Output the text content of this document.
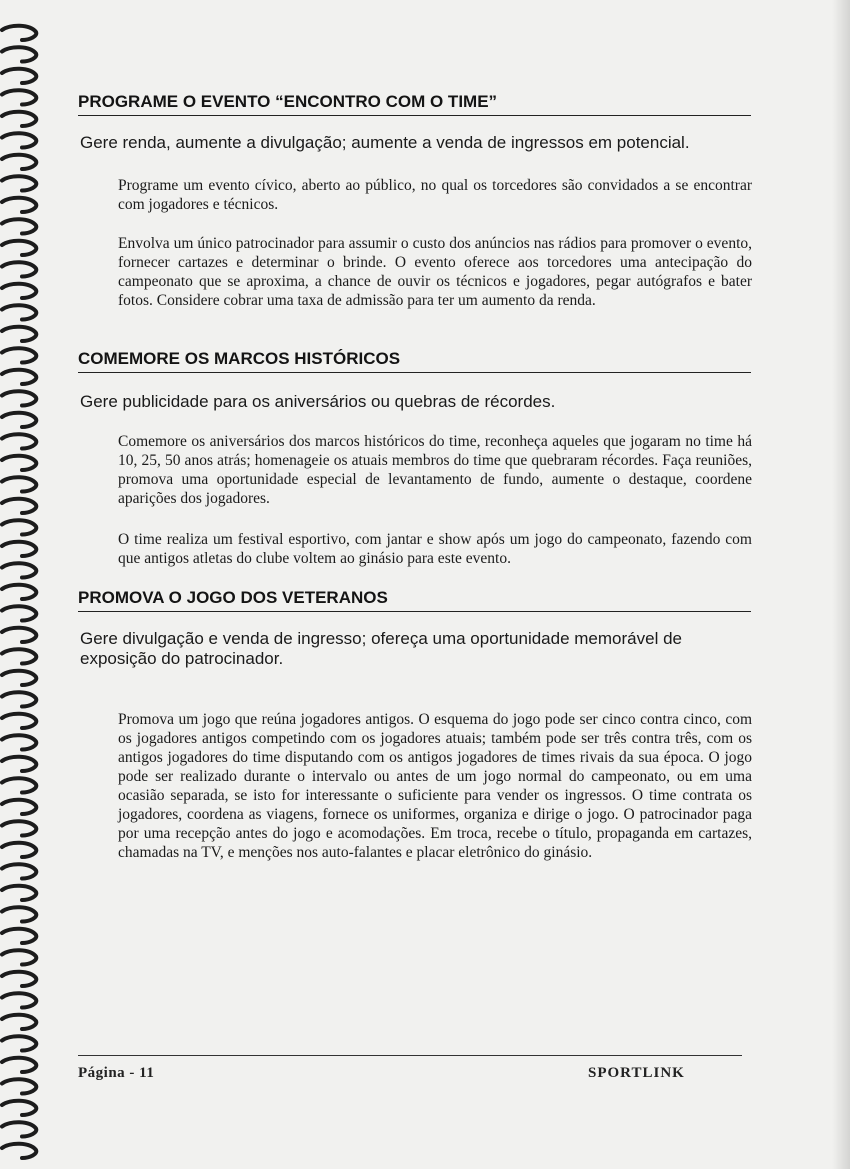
PROGRAME O EVENTO “ENCONTRO COM O TIME”
Gere renda, aumente a divulgação; aumente a venda de ingressos em potencial.

Programe um evento cívico, aberto ao público, no qual os torcedores são convidados a se encontrar com jogadores e técnicos.

Envolva um único patrocinador para assumir o custo dos anúncios nas rádios para promover o evento, fornecer cartazes e determinar o brinde. O evento oferece aos torcedores uma antecipação do campeonato que se aproxima, a chance de ouvir os técnicos e jogadores, pegar autógrafos e bater fotos. Considere cobrar uma taxa de admissão para ter um aumento da renda.

COMEMORE OS MARCOS HISTÓRICOS
Gere publicidade para os aniversários ou quebras de récordes.

Comemore os aniversários dos marcos históricos do time, reconheça aqueles que jogaram no time há 10, 25, 50 anos atrás; homenageie os atuais membros do time que quebraram récordes. Faça reuniões, promova uma oportunidade especial de levantamento de fundo, aumente o destaque, coordene aparições dos jogadores.

O time realiza um festival esportivo, com jantar e show após um jogo do campeonato, fazendo com que antigos atletas do clube voltem ao ginásio para este evento.

PROMOVA O JOGO DOS VETERANOS
Gere divulgação e venda de ingresso; ofereça uma oportunidade memorável de exposição do patrocinador.

Promova um jogo que reúna jogadores antigos. O esquema do jogo pode ser cinco contra cinco, com os jogadores antigos competindo com os jogadores atuais; também pode ser três contra três, com os antigos jogadores do time disputando com os antigos jogadores de times rivais da sua época. O jogo pode ser realizado durante o intervalo ou antes de um jogo normal do campeonato, ou em uma ocasião separada, se isto for interessante o suficiente para vender os ingressos. O time contrata os jogadores, coordena as viagens, fornece os uniformes, organiza e dirige o jogo. O patrocinador paga por uma recepção antes do jogo e acomodações. Em troca, recebe o título, propaganda em cartazes, chamadas na TV, e menções nos auto-falantes e placar eletrônico do ginásio.

Página - 11	SPORTLINK
